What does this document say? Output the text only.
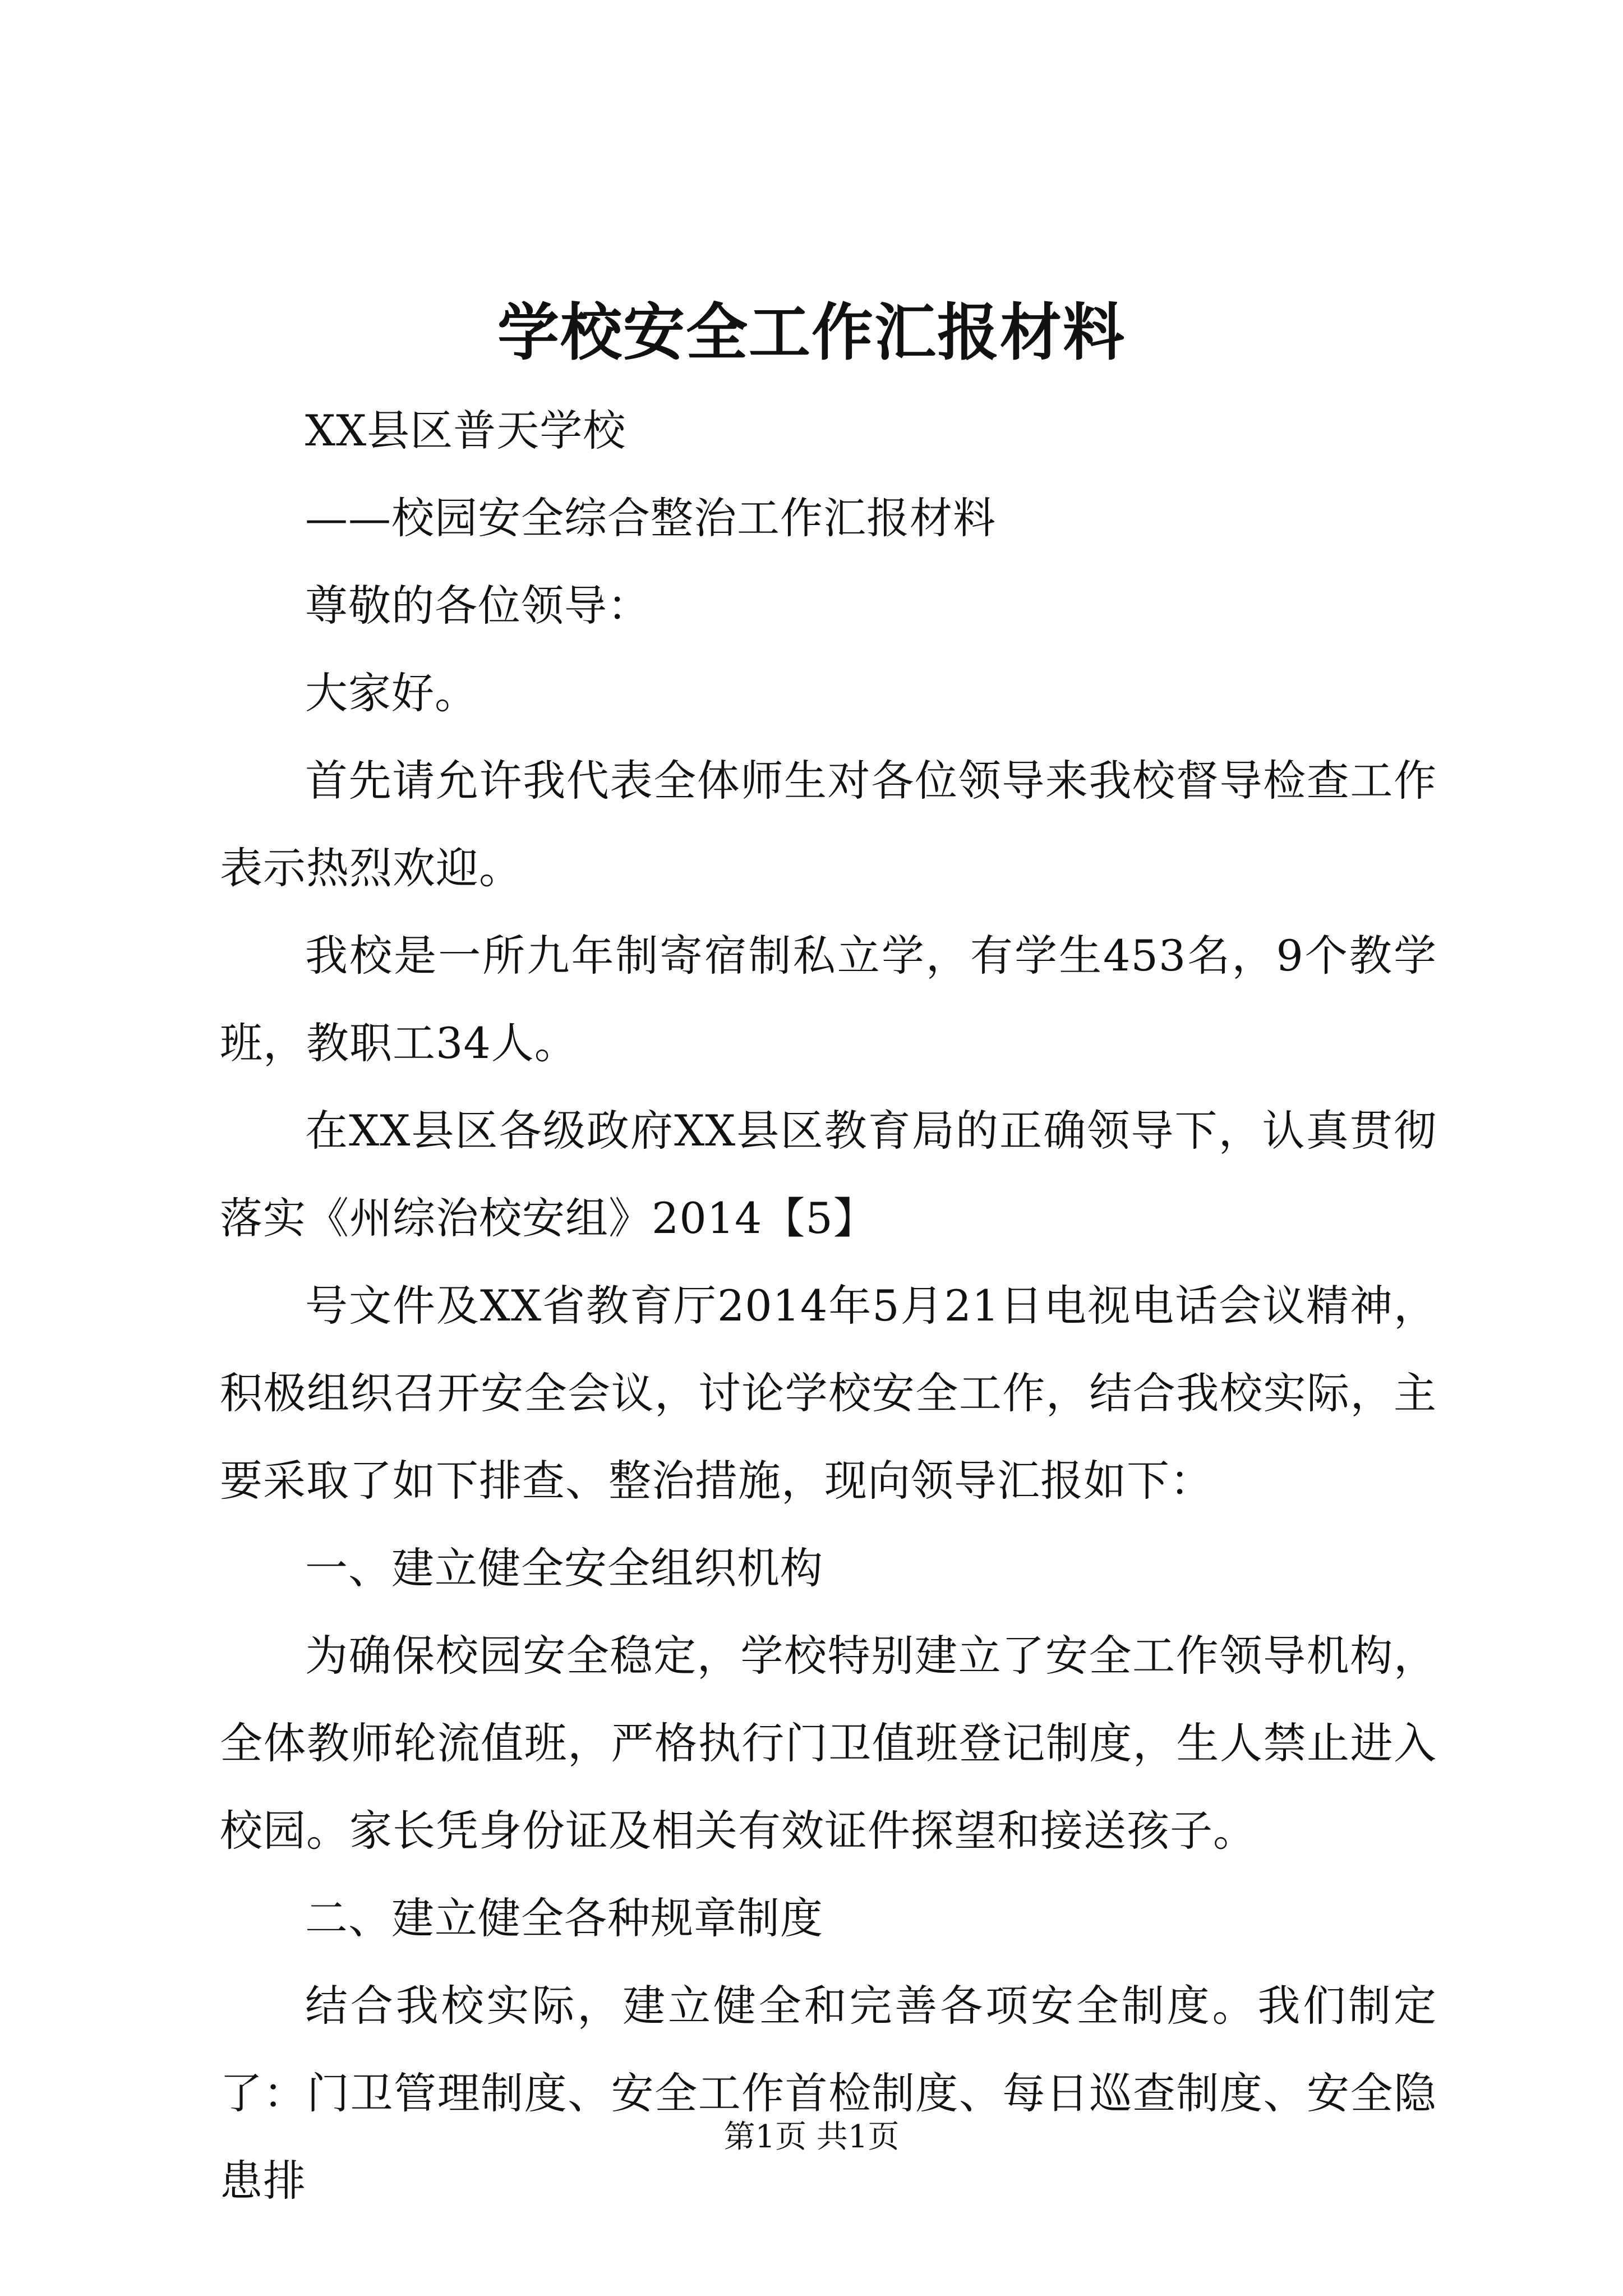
学校安全工作汇报材料

XX县区普天学校

——校园安全综合整治工作汇报材料

尊敬的各位领导：

大家好。

首先请允许我代表全体师生对各位领导来我校督导检查工作表示热烈欢迎。

我校是一所九年制寄宿制私立学，有学生453名，9个教学班，教职工34人。

在XX县区各级政府XX县区教育局的正确领导下，认真贯彻落实《州综治校安组》2014【5】

号文件及XX省教育厅2014年5月21日电视电话会议精神，积极组织召开安全会议，讨论学校安全工作，结合我校实际，主要采取了如下排查、整治措施，现向领导汇报如下：

一、建立健全安全组织机构

为确保校园安全稳定，学校特别建立了安全工作领导机构，全体教师轮流值班，严格执行门卫值班登记制度，生人禁止进入校园。家长凭身份证及相关有效证件探望和接送孩子。

二、建立健全各种规章制度

结合我校实际，建立健全和完善各项安全制度。我们制定了：门卫管理制度、安全工作首检制度、每日巡查制度、安全隐患排

第1页 共1页
